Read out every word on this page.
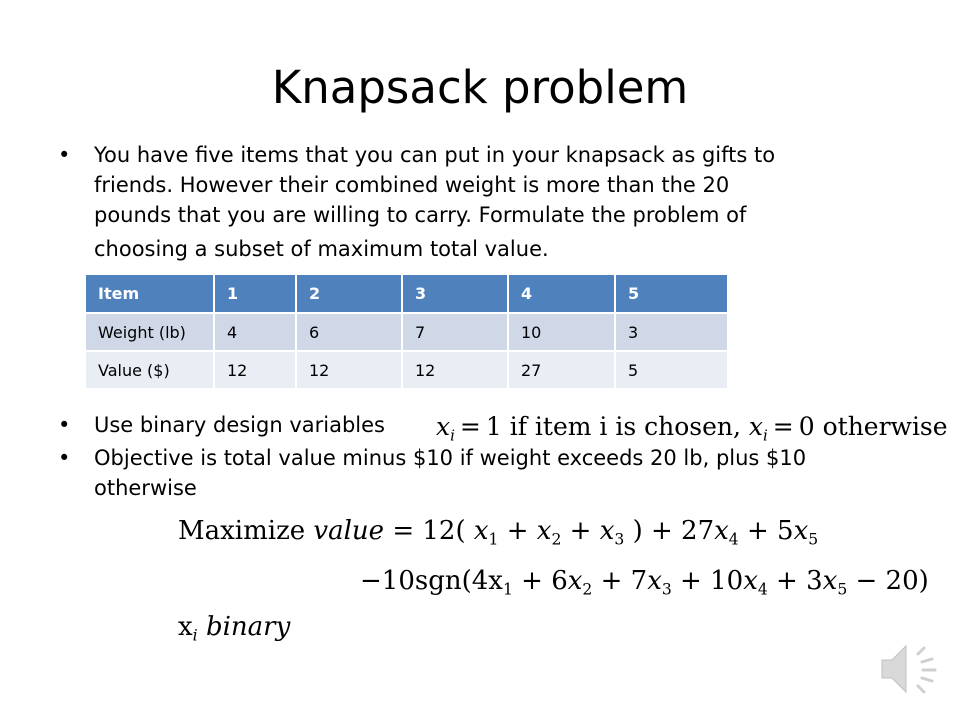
Knapsack problem
• You have five items that you can put in your knapsack as gifts to
friends. However their combined weight is more than the 20
pounds that you are willing to carry. Formulate the problem of
choosing a subset of maximum total value.
Item	1	2	3	4	5
Weight (lb)	4	6	7	10	3
Value ($)	12	12	12	27	5
• Use binary design variables $x_i = 1$ if item i is chosen, $x_i = 0$ otherwise
• Objective is total value minus $10 if weight exceeds 20 lb, plus $10 otherwise
Maximize value = 12( $x_1 + x_2 + x_3$ ) + $27x_4 + 5x_5$
$-10sgn(4x_1 + 6x_2 + 7x_3 + 10x_4 + 3x_5 - 20)$
$x_i$ binary
